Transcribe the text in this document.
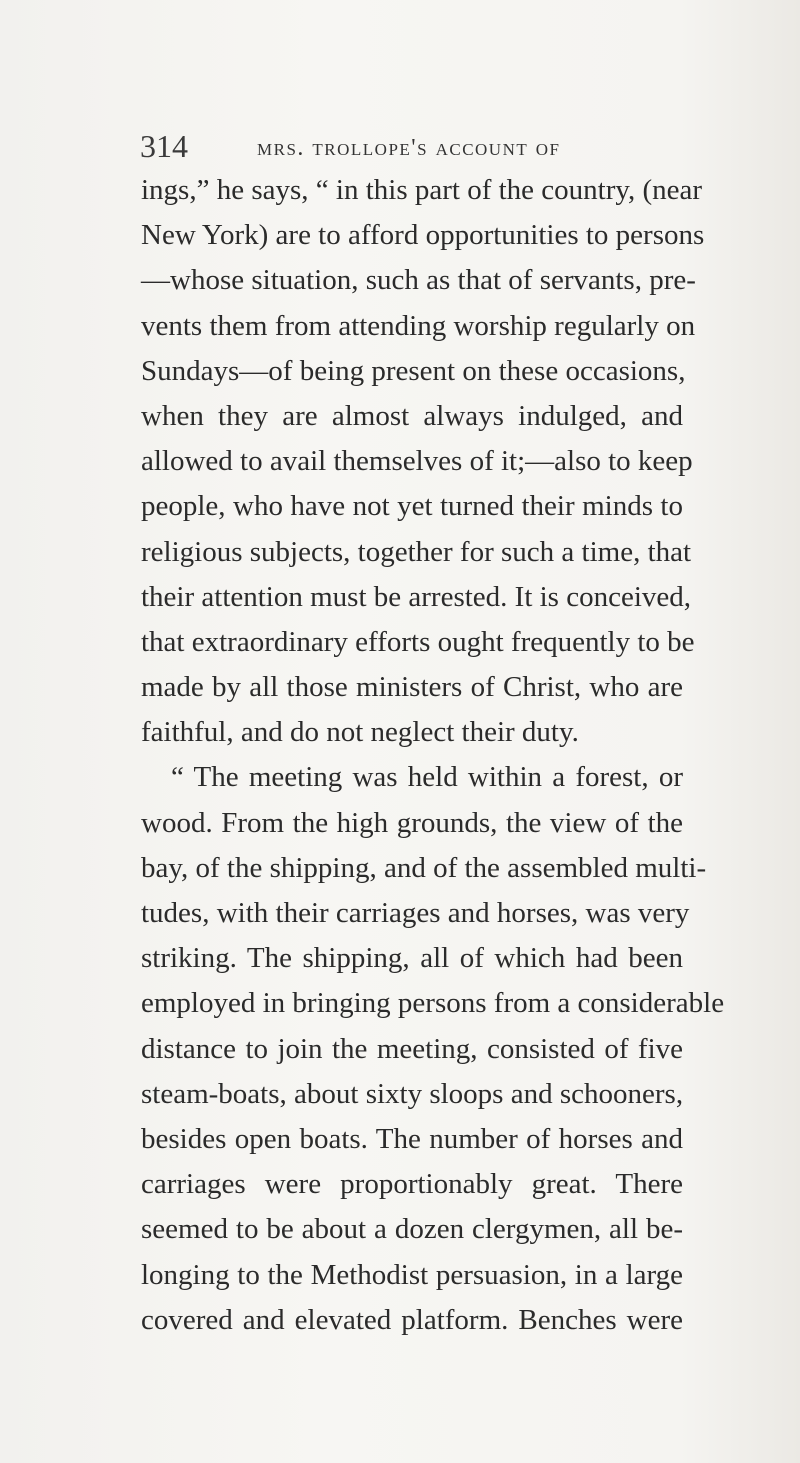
314	mrs. trollope's account of
ings,” he says, “ in this part of the country, (near
New York) are to afford opportunities to persons
—whose situation, such as that of servants, pre-
vents them from attending worship regularly on
Sundays—of being present on these occasions,
when they are almost always indulged, and
allowed to avail themselves of it;—also to keep
people, who have not yet turned their minds to
religious subjects, together for such a time, that
their attention must be arrested. It is conceived,
that extraordinary efforts ought frequently to be
made by all those ministers of Christ, who are
faithful, and do not neglect their duty.
“ The meeting was held within a forest, or
wood. From the high grounds, the view of the
bay, of the shipping, and of the assembled multi-
tudes, with their carriages and horses, was very
striking. The shipping, all of which had been
employed in bringing persons from a considerable
distance to join the meeting, consisted of five
steam-boats, about sixty sloops and schooners,
besides open boats. The number of horses and
carriages were proportionably great. There
seemed to be about a dozen clergymen, all be-
longing to the Methodist persuasion, in a large
covered and elevated platform. Benches were
